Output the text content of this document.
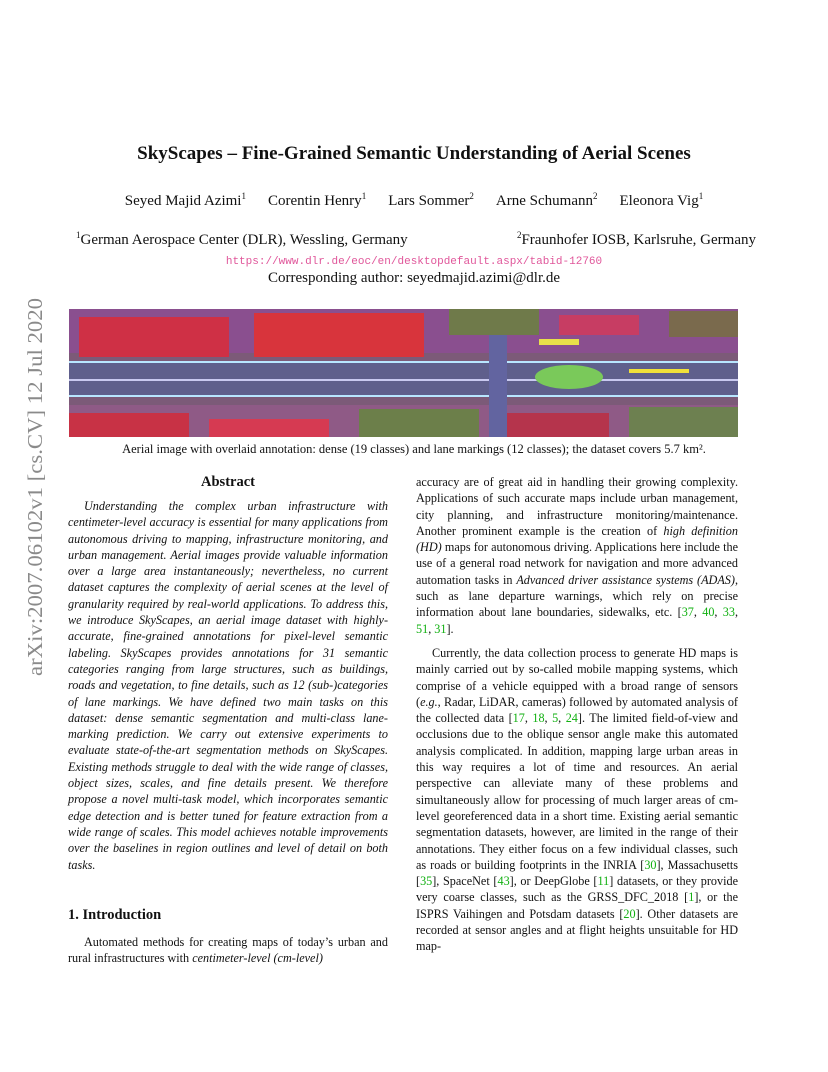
arXiv:2007.06102v1 [cs.CV] 12 Jul 2020
SkyScapes – Fine-Grained Semantic Understanding of Aerial Scenes
Seyed Majid Azimi$^1$ Corentin Henry$^1$ Lars Sommer$^2$ Arne Schumann$^2$ Eleonora Vig$^1$
$^1$German Aerospace Center (DLR), Wessling, Germany	$^2$Fraunhofer IOSB, Karlsruhe, Germany
https://www.dlr.de/eoc/en/desktopdefault.aspx/tabid-12760
Corresponding author: seyedmajid.azimi@dlr.de
Aerial image with overlaid annotation: dense (19 classes) and lane markings (12 classes); the dataset covers 5.7 km².
Abstract

Understanding the complex urban infrastructure with centimeter-level accuracy is essential for many applications from autonomous driving to mapping, infrastructure monitoring, and urban management. Aerial images provide valuable information over a large area instantaneously; nevertheless, no current dataset captures the complexity of aerial scenes at the level of granularity required by real-world applications. To address this, we introduce SkyScapes, an aerial image dataset with highly-accurate, fine-grained annotations for pixel-level semantic labeling. SkyScapes provides annotations for 31 semantic categories ranging from large structures, such as buildings, roads and vegetation, to fine details, such as 12 (sub-)categories of lane markings. We have defined two main tasks on this dataset: dense semantic segmentation and multi-class lane-marking prediction. We carry out extensive experiments to evaluate state-of-the-art segmentation methods on SkyScapes. Existing methods struggle to deal with the wide range of classes, object sizes, scales, and fine details present. We therefore propose a novel multi-task model, which incorporates semantic edge detection and is better tuned for feature extraction from a wide range of scales. This model achieves notable improvements over the baselines in region outlines and level of detail on both tasks.

1. Introduction

Automated methods for creating maps of today’s urban and rural infrastructures with centimeter-level (cm-level)

accuracy are of great aid in handling their growing complexity. Applications of such accurate maps include urban management, city planning, and infrastructure monitoring/maintenance. Another prominent example is the creation of high definition (HD) maps for autonomous driving. Applications here include the use of a general road network for navigation and more advanced automation tasks in Advanced driver assistance systems (ADAS), such as lane departure warnings, which rely on precise information about lane boundaries, sidewalks, etc. [37, 40, 33, 51, 31].

Currently, the data collection process to generate HD maps is mainly carried out by so-called mobile mapping systems, which comprise of a vehicle equipped with a broad range of sensors (e.g., Radar, LiDAR, cameras) followed by automated analysis of the collected data [17, 18, 5, 24]. The limited field-of-view and occlusions due to the oblique sensor angle make this automated analysis complicated. In addition, mapping large urban areas in this way requires a lot of time and resources. An aerial perspective can alleviate many of these problems and simultaneously allow for processing of much larger areas of cm-level georeferenced data in a short time. Existing aerial semantic segmentation datasets, however, are limited in the range of their annotations. They either focus on a few individual classes, such as roads or building footprints in the INRIA [30], Massachusetts [35], SpaceNet [43], or DeepGlobe [11] datasets, or they provide very coarse classes, such as the GRSS_DFC_2018 [1], or the ISPRS Vaihingen and Potsdam datasets [20]. Other datasets are recorded at sensor angles and at flight heights unsuitable for HD map-
